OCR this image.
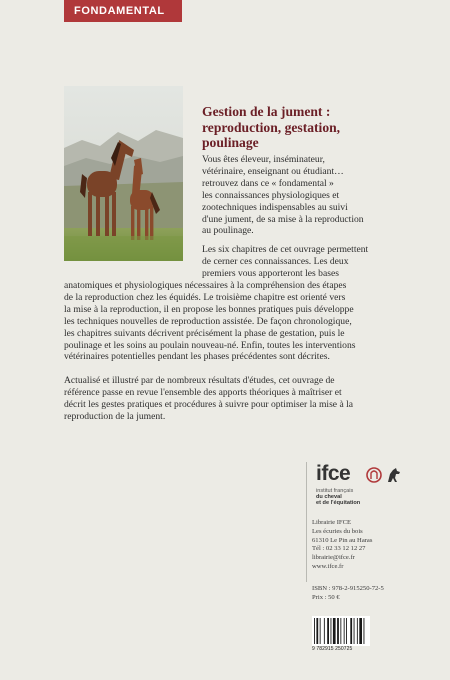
FONDAMENTAL
Gestion de la jument :
reproduction, gestation,
poulinage

Vous êtes éleveur, inséminateur,
vétérinaire, enseignant ou étudiant…
retrouvez dans ce « fondamental »
les connaissances physiologiques et
zootechniques indispensables au suivi
d'une jument, de sa mise à la reproduction
au poulinage.

Les six chapitres de cet ouvrage permettent
de cerner ces connaissances. Les deux
premiers vous apporteront les bases

anatomiques et physiologiques nécessaires à la compréhension des étapes
de la reproduction chez les équidés. Le troisième chapitre est orienté vers
la mise à la reproduction, il en propose les bonnes pratiques puis développe
les techniques nouvelles de reproduction assistée. De façon chronologique,
les chapitres suivants décrivent précisément la phase de gestation, puis le
poulinage et les soins au poulain nouveau-né. Enfin, toutes les interventions
vétérinaires potentielles pendant les phases précédentes sont décrites.

Actualisé et illustré par de nombreux résultats d'études, cet ouvrage de
référence passe en revue l'ensemble des apports théoriques à maîtriser et
décrit les gestes pratiques et procédures à suivre pour optimiser la mise à la
reproduction de la jument.

ifce
institut français
du cheval
et de l'équitation

Librairie IFCE
Les écuries du bois
61310 Le Pin au Haras
Tél : 02 33 12 12 27
librairie@ifce.fr
www.ifce.fr

ISBN : 978-2-915250-72-5
Prix : 50 €

9 782915 250725
